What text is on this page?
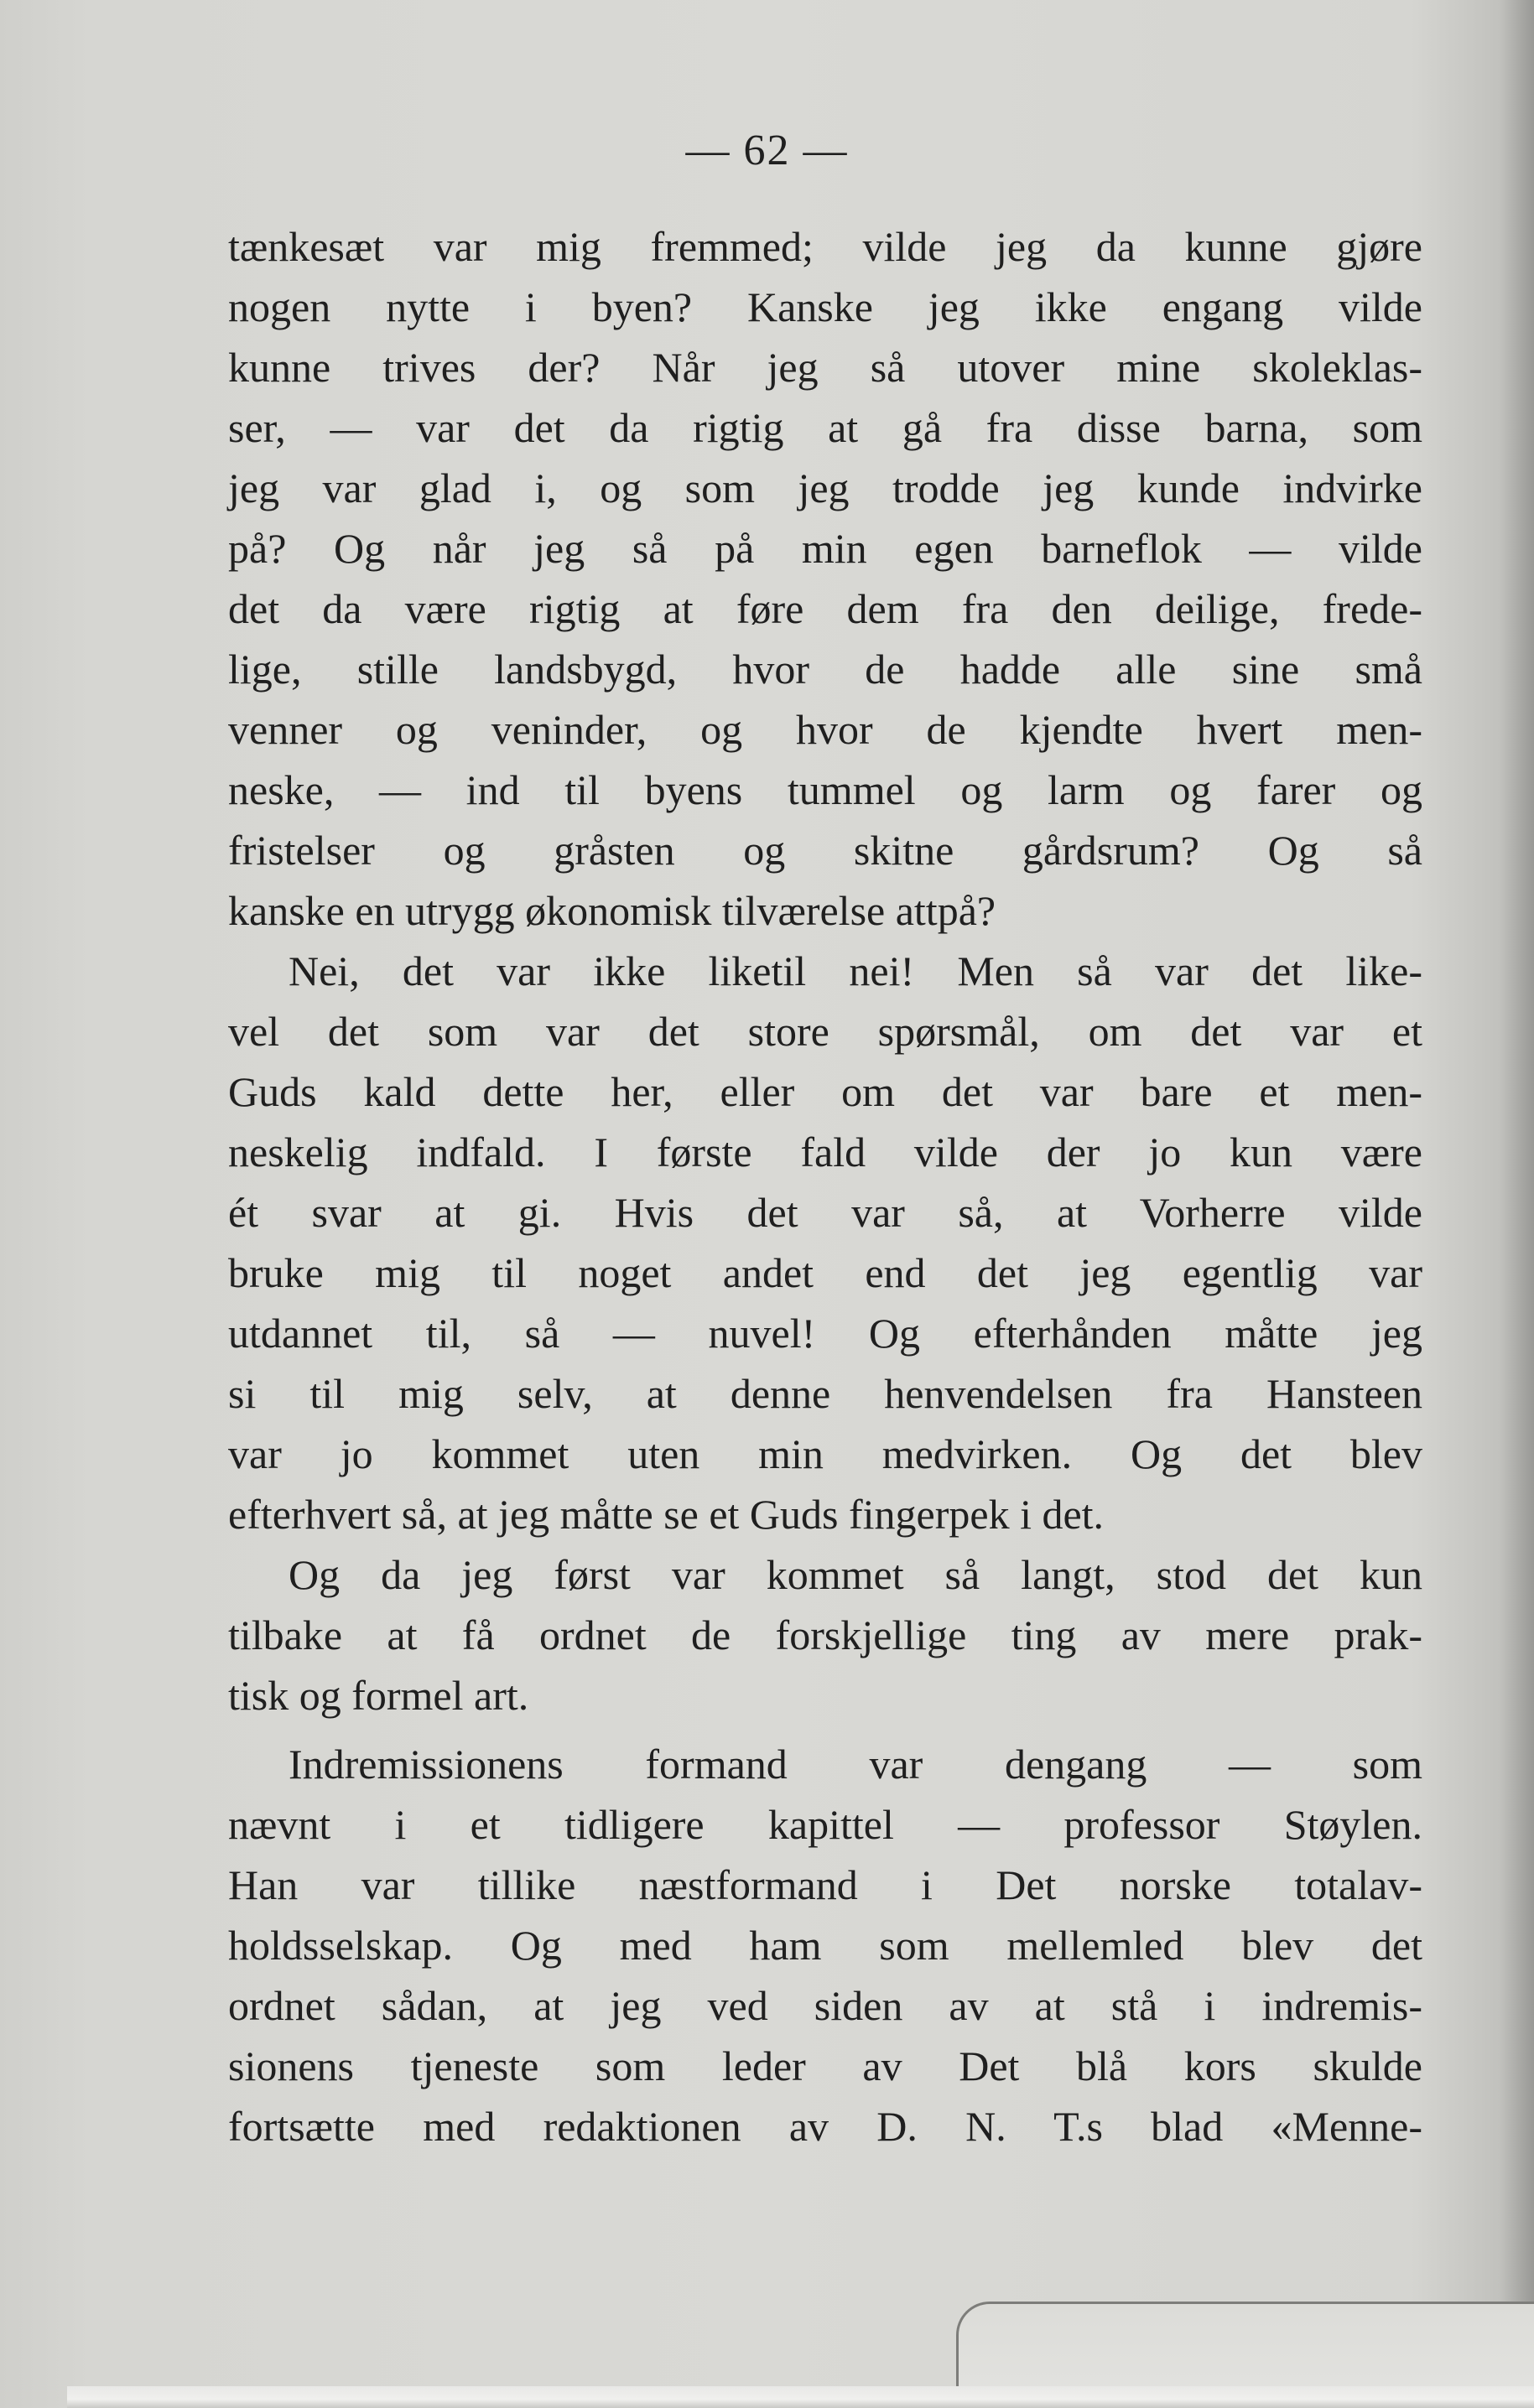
— 62 —
tænkesæt var mig fremmed; vilde jeg da kunne gjøre
nogen nytte i byen? Kanske jeg ikke engang vilde
kunne trives der? Når jeg så utover mine skoleklas-
ser, — var det da rigtig at gå fra disse barna, som
jeg var glad i, og som jeg trodde jeg kunde indvirke
på? Og når jeg så på min egen barneflok — vilde
det da være rigtig at føre dem fra den deilige, frede-
lige, stille landsbygd, hvor de hadde alle sine små
venner og veninder, og hvor de kjendte hvert men-
neske, — ind til byens tummel og larm og farer og
fristelser og gråsten og skitne gårdsrum? Og så
kanske en utrygg økonomisk tilværelse attpå?
Nei, det var ikke liketil nei! Men så var det like-
vel det som var det store spørsmål, om det var et
Guds kald dette her, eller om det var bare et men-
neskelig indfald. I første fald vilde der jo kun være
ét svar at gi. Hvis det var så, at Vorherre vilde
bruke mig til noget andet end det jeg egentlig var
utdannet til, så — nuvel! Og efterhånden måtte jeg
si til mig selv, at denne henvendelsen fra Hansteen
var jo kommet uten min medvirken. Og det blev
efterhvert så, at jeg måtte se et Guds fingerpek i det.
Og da jeg først var kommet så langt, stod det kun
tilbake at få ordnet de forskjellige ting av mere prak-
tisk og formel art.
Indremissionens formand var dengang — som
nævnt i et tidligere kapittel — professor Støylen.
Han var tillike næstformand i Det norske totalav-
holdsselskap. Og med ham som mellemled blev det
ordnet sådan, at jeg ved siden av at stå i indremis-
sionens tjeneste som leder av Det blå kors skulde
fortsætte med redaktionen av D. N. T.s blad «Menne-
